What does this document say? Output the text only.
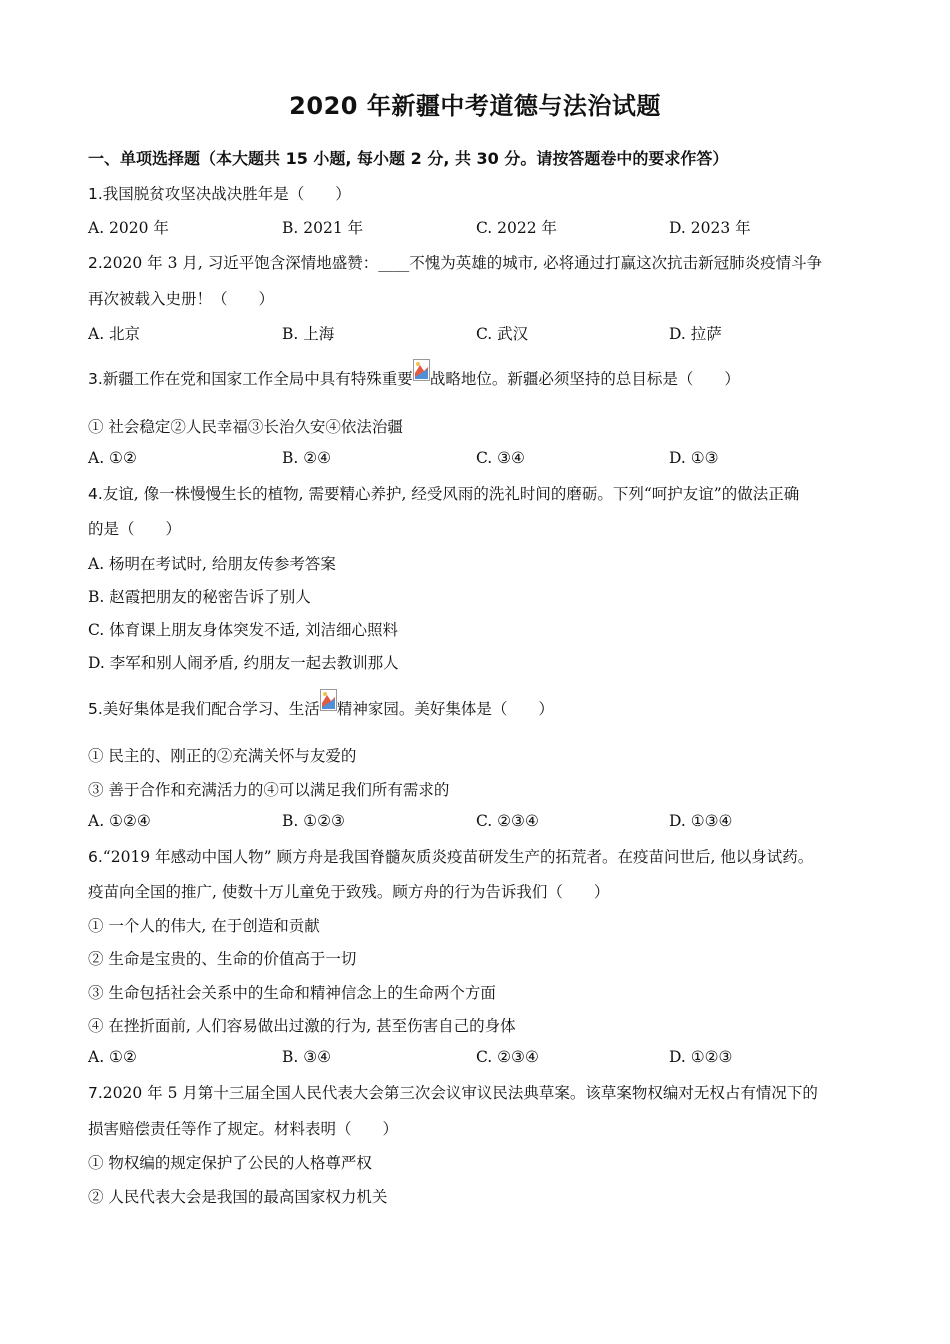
2020 年新疆中考道德与法治试题
一、单项选择题（本大题共 15 小题, 每小题 2 分, 共 30 分。请按答题卷中的要求作答）
1.我国脱贫攻坚决战决胜年是（　　）
A. 2020 年	B. 2021 年	C. 2022 年	D. 2023 年
2.2020 年 3 月, 习近平饱含深情地盛赞：____不愧为英雄的城市, 必将通过打赢这次抗击新冠肺炎疫情斗争
再次被载入史册！（　　）
A. 北京	B. 上海	C. 武汉	D. 拉萨
3.新疆工作在党和国家工作全局中具有特殊重要 战略地位。新疆必须坚持的总目标是（　　）
① 社会稳定②人民幸福③长治久安④依法治疆
A. ①②	B. ②④	C. ③④	D. ①③
4.友谊, 像一株慢慢生长的植物, 需要精心养护, 经受风雨的洗礼时间的磨砺。下列“呵护友谊”的做法正确
的是（　　）
A. 杨明在考试时, 给朋友传参考答案
B. 赵霞把朋友的秘密告诉了别人
C. 体育课上朋友身体突发不适, 刘洁细心照料
D. 李军和别人闹矛盾, 约朋友一起去教训那人
5.美好集体是我们配合学习、生活 精神家园。美好集体是（　　）
① 民主的、刚正的②充满关怀与友爱的
③ 善于合作和充满活力的④可以满足我们所有需求的
A. ①②④	B. ①②③	C. ②③④	D. ①③④
6.“2019 年感动中国人物” 顾方舟是我国脊髓灰质炎疫苗研发生产的拓荒者。在疫苗问世后, 他以身试药。
疫苗向全国的推广, 使数十万儿童免于致残。顾方舟的行为告诉我们（　　）
① 一个人的伟大, 在于创造和贡献
② 生命是宝贵的、生命的价值高于一切
③ 生命包括社会关系中的生命和精神信念上的生命两个方面
④ 在挫折面前, 人们容易做出过激的行为, 甚至伤害自己的身体
A. ①②	B. ③④	C. ②③④	D. ①②③
7.2020 年 5 月第十三届全国人民代表大会第三次会议审议民法典草案。该草案物权编对无权占有情况下的
损害赔偿责任等作了规定。材料表明（　　）
① 物权编的规定保护了公民的人格尊严权
② 人民代表大会是我国的最高国家权力机关
